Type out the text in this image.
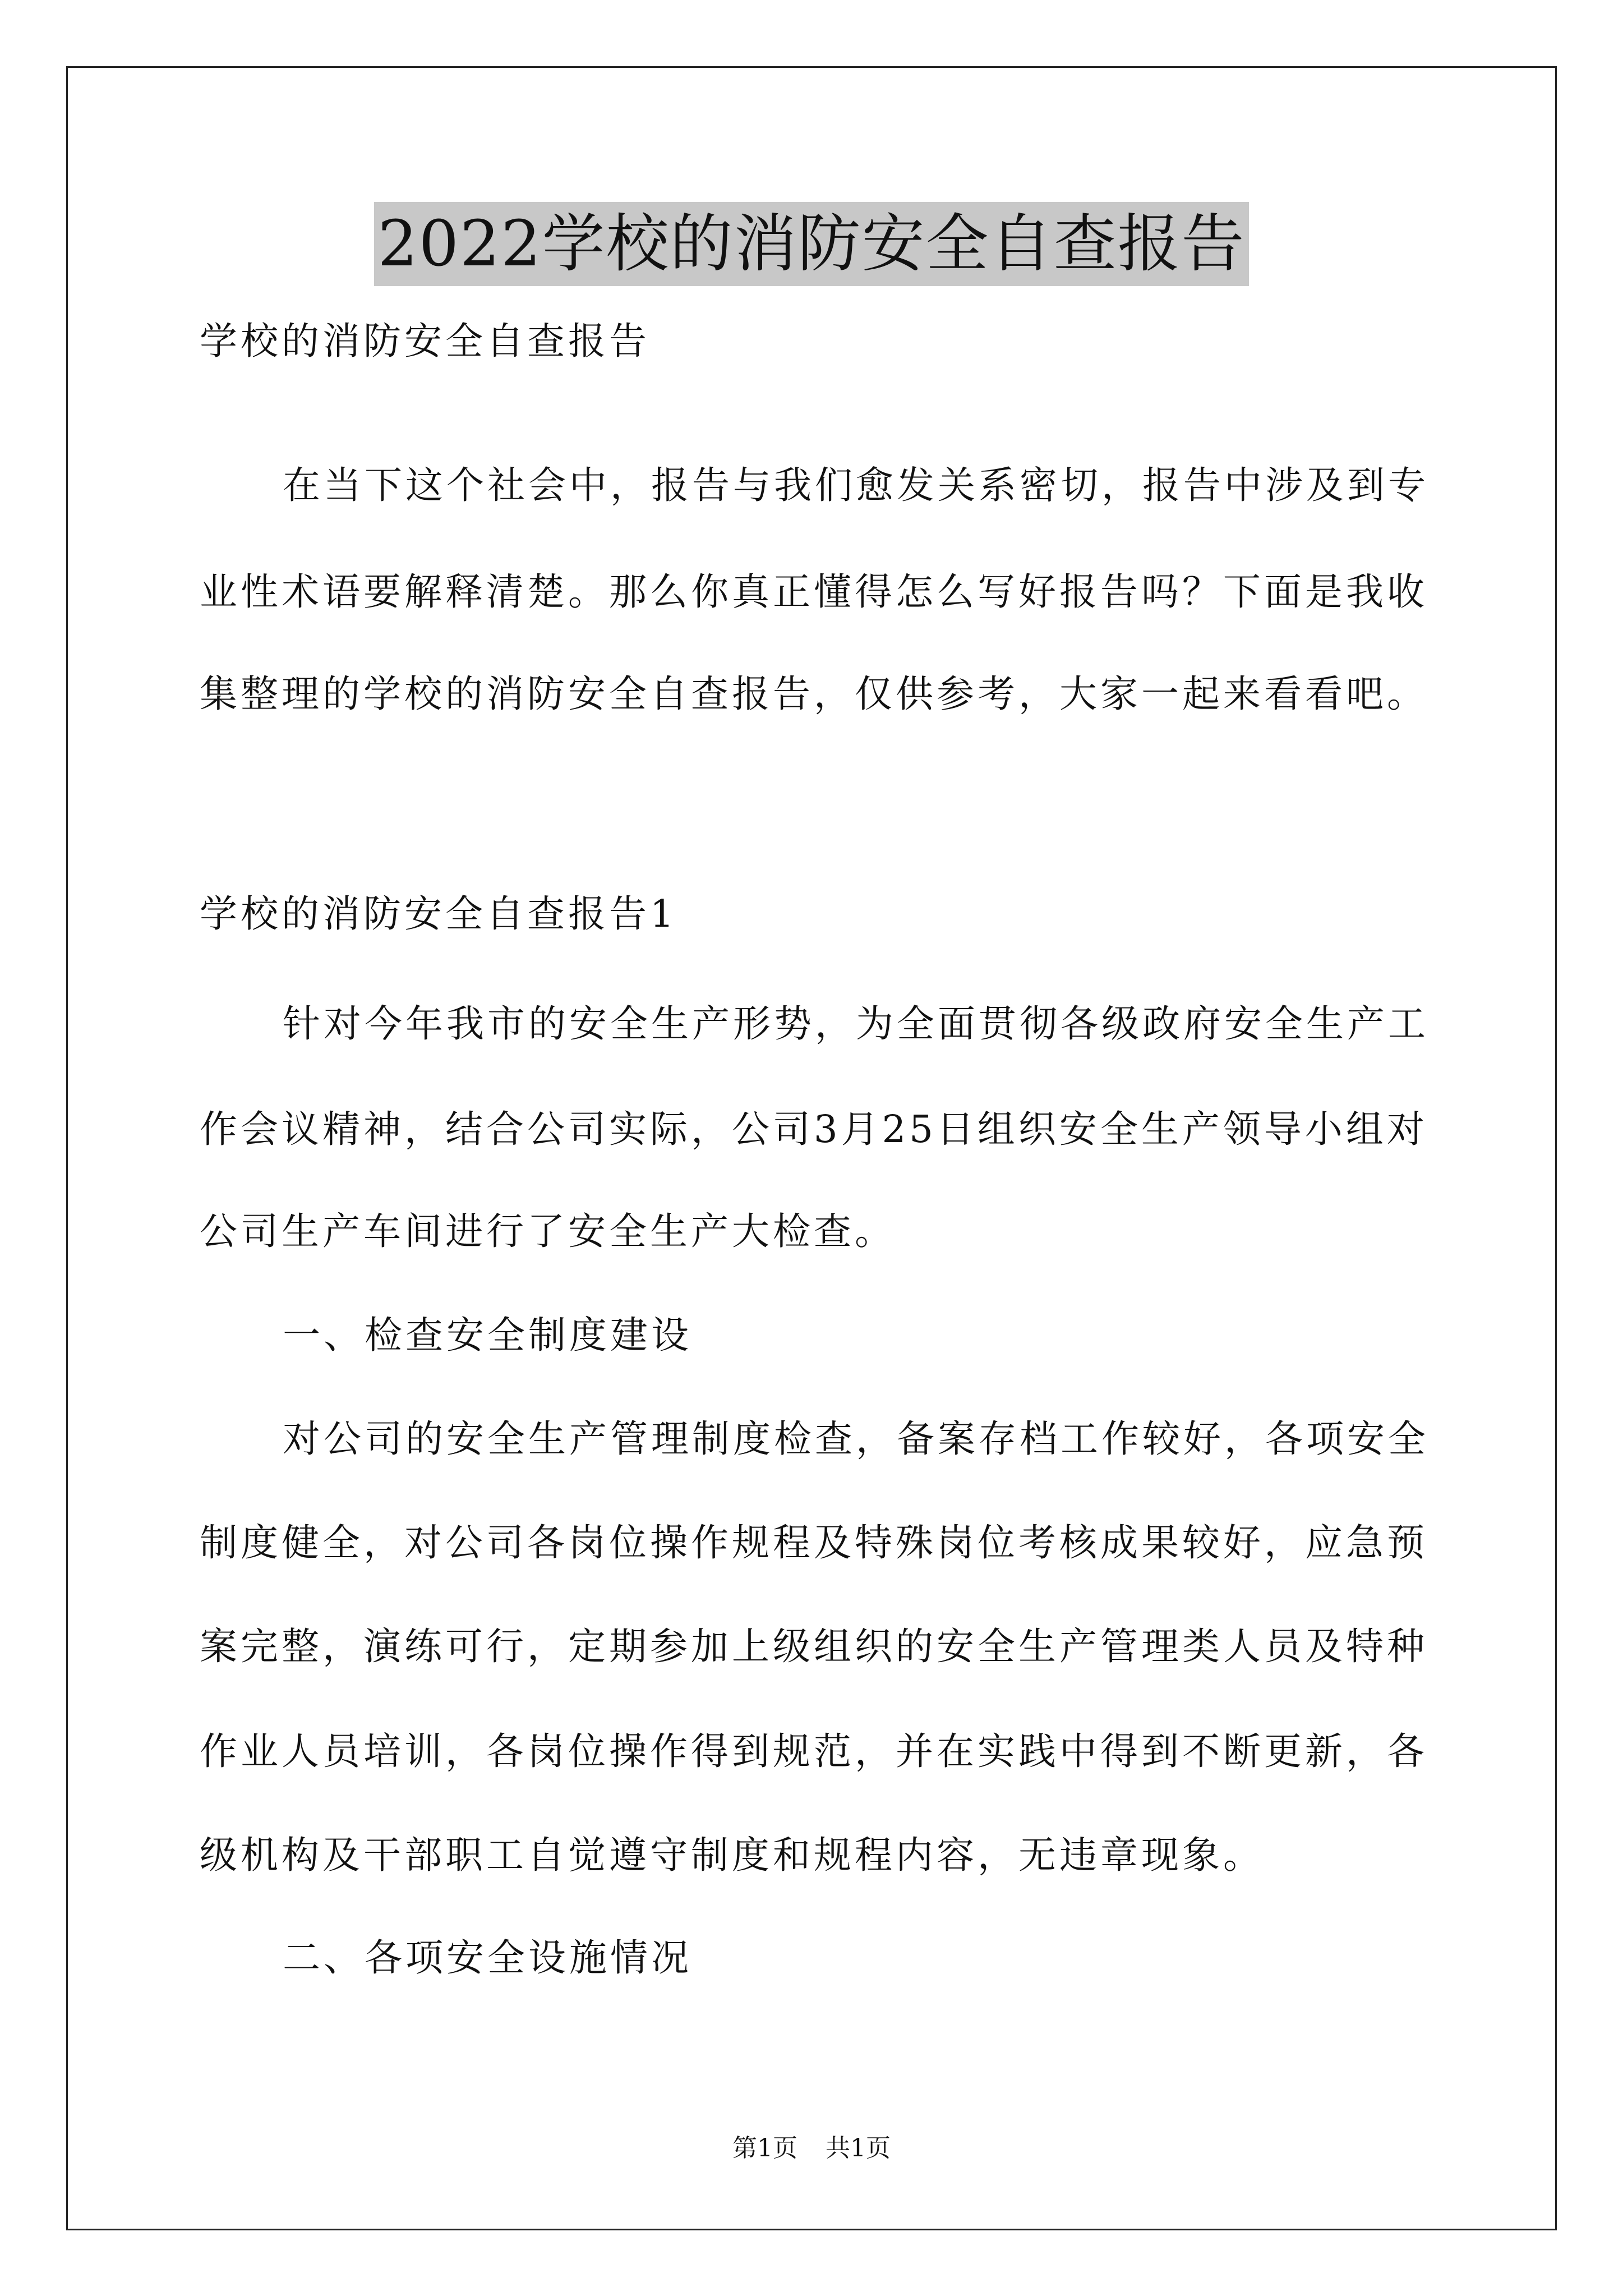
2022学校的消防安全自查报告
学校的消防安全自查报告
在当下这个社会中，报告与我们愈发关系密切，报告中涉及到专
业性术语要解释清楚。那么你真正懂得怎么写好报告吗？下面是我收
集整理的学校的消防安全自查报告，仅供参考，大家一起来看看吧。
学校的消防安全自查报告1
针对今年我市的安全生产形势，为全面贯彻各级政府安全生产工
作会议精神，结合公司实际，公司3月25日组织安全生产领导小组对
公司生产车间进行了安全生产大检查。
一、检查安全制度建设
对公司的安全生产管理制度检查，备案存档工作较好，各项安全
制度健全，对公司各岗位操作规程及特殊岗位考核成果较好，应急预
案完整，演练可行，定期参加上级组织的安全生产管理类人员及特种
作业人员培训，各岗位操作得到规范，并在实践中得到不断更新，各
级机构及干部职工自觉遵守制度和规程内容，无违章现象。
二、各项安全设施情况
第1页 共1页
